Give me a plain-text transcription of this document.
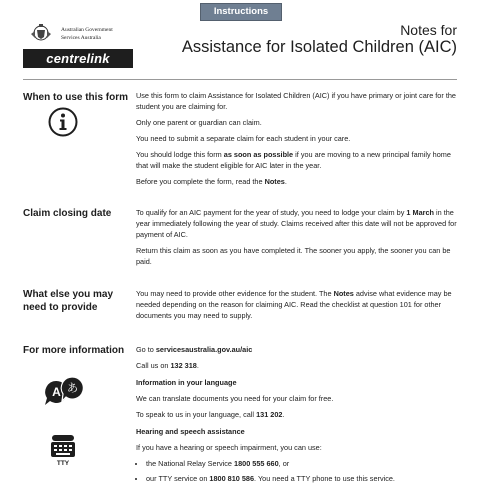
Instructions
Australian Government
Services Australia
centrelink
Notes for
Assistance for Isolated Children (AIC)
When to use this form Use this form to claim Assistance for Isolated Children (AIC) if you have primary or joint care for the student you are claiming for.

Only one parent or guardian can claim.

You need to submit a separate claim for each student in your care.

You should lodge this form as soon as possible if you are moving to a new principal family home that will make the student eligible for AIC later in the year.

Before you complete the form, read the Notes.

Claim closing date	To qualify for an AIC payment for the year of study, you need to lodge your claim by 1 March in the year immediately following the year of study. Claims received after this date will not be approved for payment of AIC.

Return this claim as soon as you have completed it. The sooner you apply, the sooner you can be paid.

What else you may need to provide

You may need to provide other evidence for the student. The Notes advise what evidence may be needed depending on the reason for claiming AIC. Read the checklist at question 101 for other documents you may need to supply.

For more information
A あ
TTY

Go to servicesaustralia.gov.au/aic

Call us on 132 318.

Information in your language

We can translate documents you need for your claim for free.

To speak to us in your language, call 131 202.

Hearing and speech assistance

If you have a hearing or speech impairment, you can use:

• the National Relay Service 1800 555 660, or
• our TTY service on 1800 810 586. You need a TTY phone to use this service.
